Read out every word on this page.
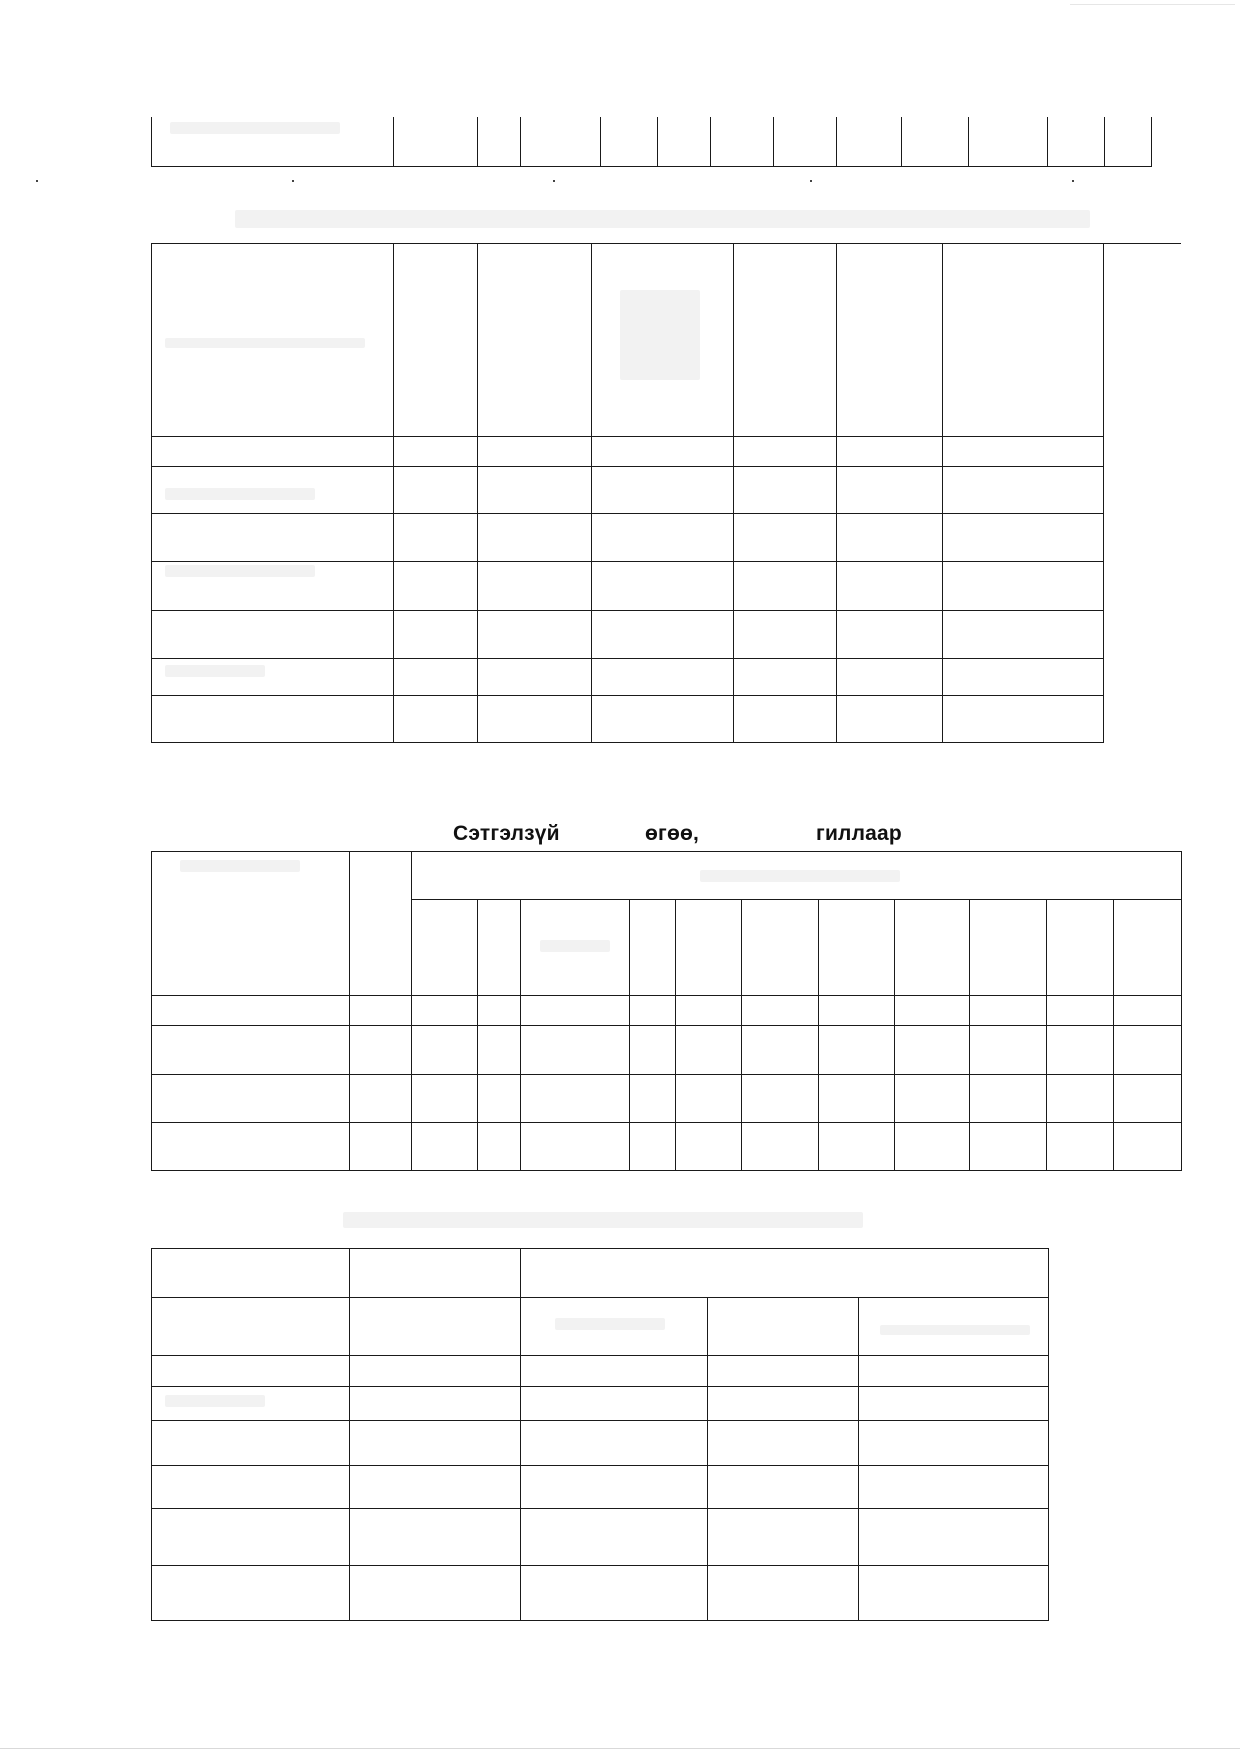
Сэтгэлзүй	өгөө,	гиллаар
